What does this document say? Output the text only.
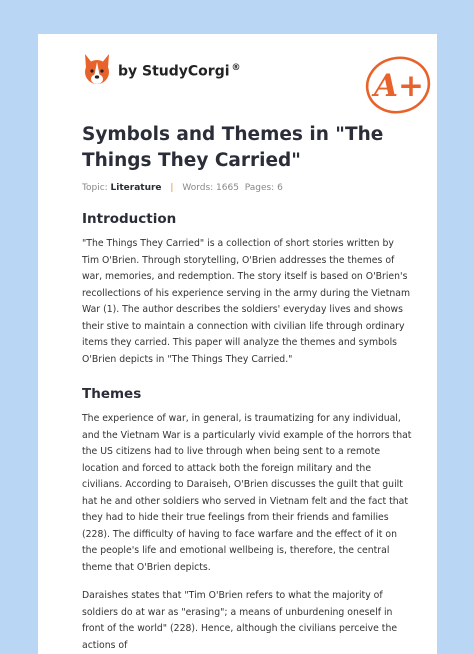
by StudyCorgi ®	A+
Symbols and Themes in "The Things They Carried"
Topic: Literature | Words: 1665 Pages: 6
Introduction

"The Things They Carried" is a collection of short stories written by Tim O'Brien. Through storytelling, O'Brien addresses the themes of war, memories, and redemption. The story itself is based on O'Brien's recollections of his experience serving in the army during the Vietnam War (1). The author describes the soldiers' everyday lives and shows their stive to maintain a connection with civilian life through ordinary items they carried. This paper will analyze the themes and symbols O'Brien depicts in "The Things They Carried."

Themes

The experience of war, in general, is traumatizing for any individual, and the Vietnam War is a particularly vivid example of the horrors that the US citizens had to live through when being sent to a remote location and forced to attack both the foreign military and the civilians. According to Daraiseh, O'Brien discusses the guilt that guilt hat he and other soldiers who served in Vietnam felt and the fact that they had to hide their true feelings from their friends and families (228). The difficulty of having to face warfare and the effect of it on the people's life and emotional wellbeing is, therefore, the central theme that O'Brien depicts.

Daraishes states that "Tim O'Brien refers to what the majority of soldiers do at war as "erasing"; a means of unburdening oneself in front of the world" (228). Hence, although the civilians perceive the actions of
